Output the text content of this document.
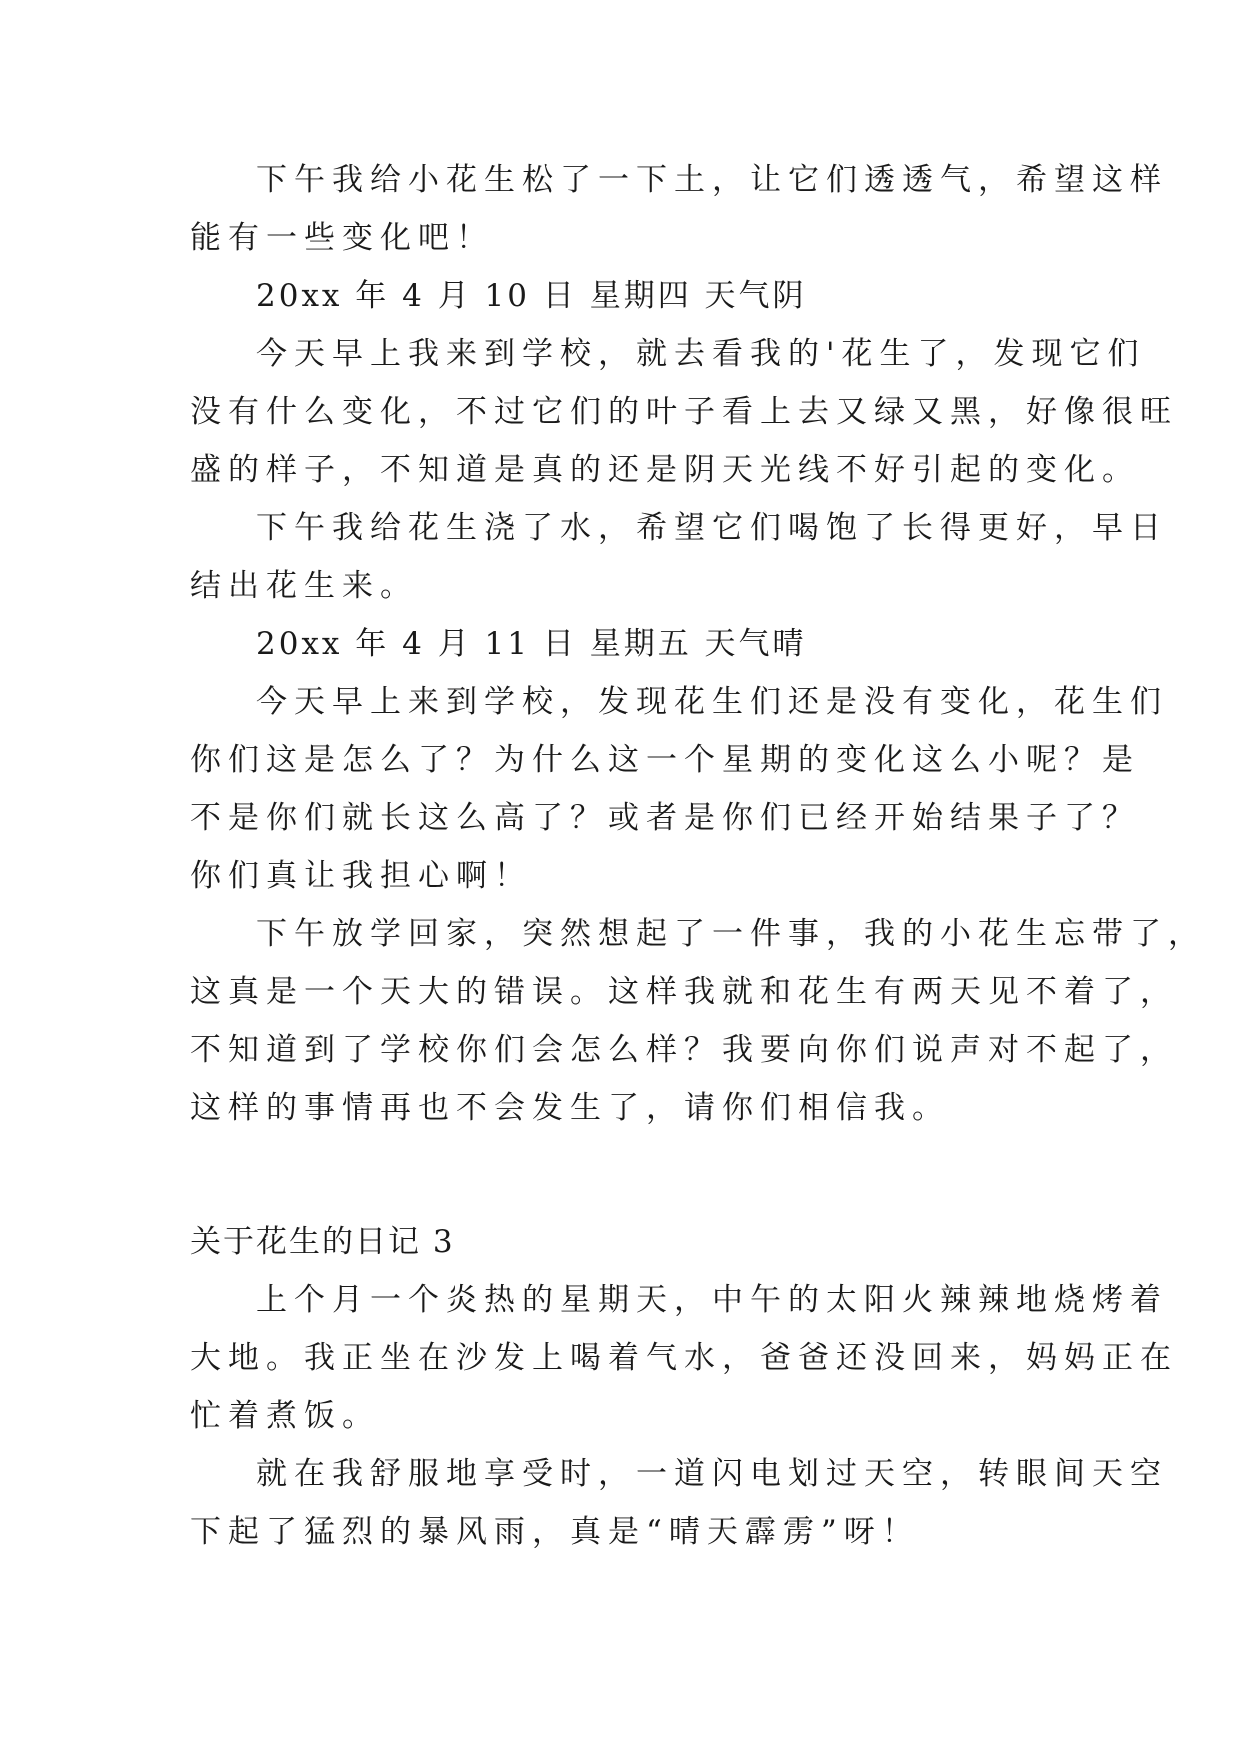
下午我给小花生松了一下土，让它们透透气，希望这样
能有一些变化吧！
20xx 年 4 月 10 日 星期四 天气阴
今天早上我来到学校，就去看我的'花生了，发现它们
没有什么变化，不过它们的叶子看上去又绿又黑，好像很旺
盛的样子，不知道是真的还是阴天光线不好引起的变化。
下午我给花生浇了水，希望它们喝饱了长得更好，早日
结出花生来。
20xx 年 4 月 11 日 星期五 天气晴
今天早上来到学校，发现花生们还是没有变化，花生们
你们这是怎么了？为什么这一个星期的变化这么小呢？是
不是你们就长这么高了？或者是你们已经开始结果子了？
你们真让我担心啊！
下午放学回家，突然想起了一件事，我的小花生忘带了，
这真是一个天大的错误。这样我就和花生有两天见不着了，
不知道到了学校你们会怎么样？我要向你们说声对不起了，
这样的事情再也不会发生了，请你们相信我。
关于花生的日记 3
上个月一个炎热的星期天，中午的太阳火辣辣地烧烤着
大地。我正坐在沙发上喝着气水，爸爸还没回来，妈妈正在
忙着煮饭。
就在我舒服地享受时，一道闪电划过天空，转眼间天空
下起了猛烈的暴风雨，真是“晴天霹雳”呀！
